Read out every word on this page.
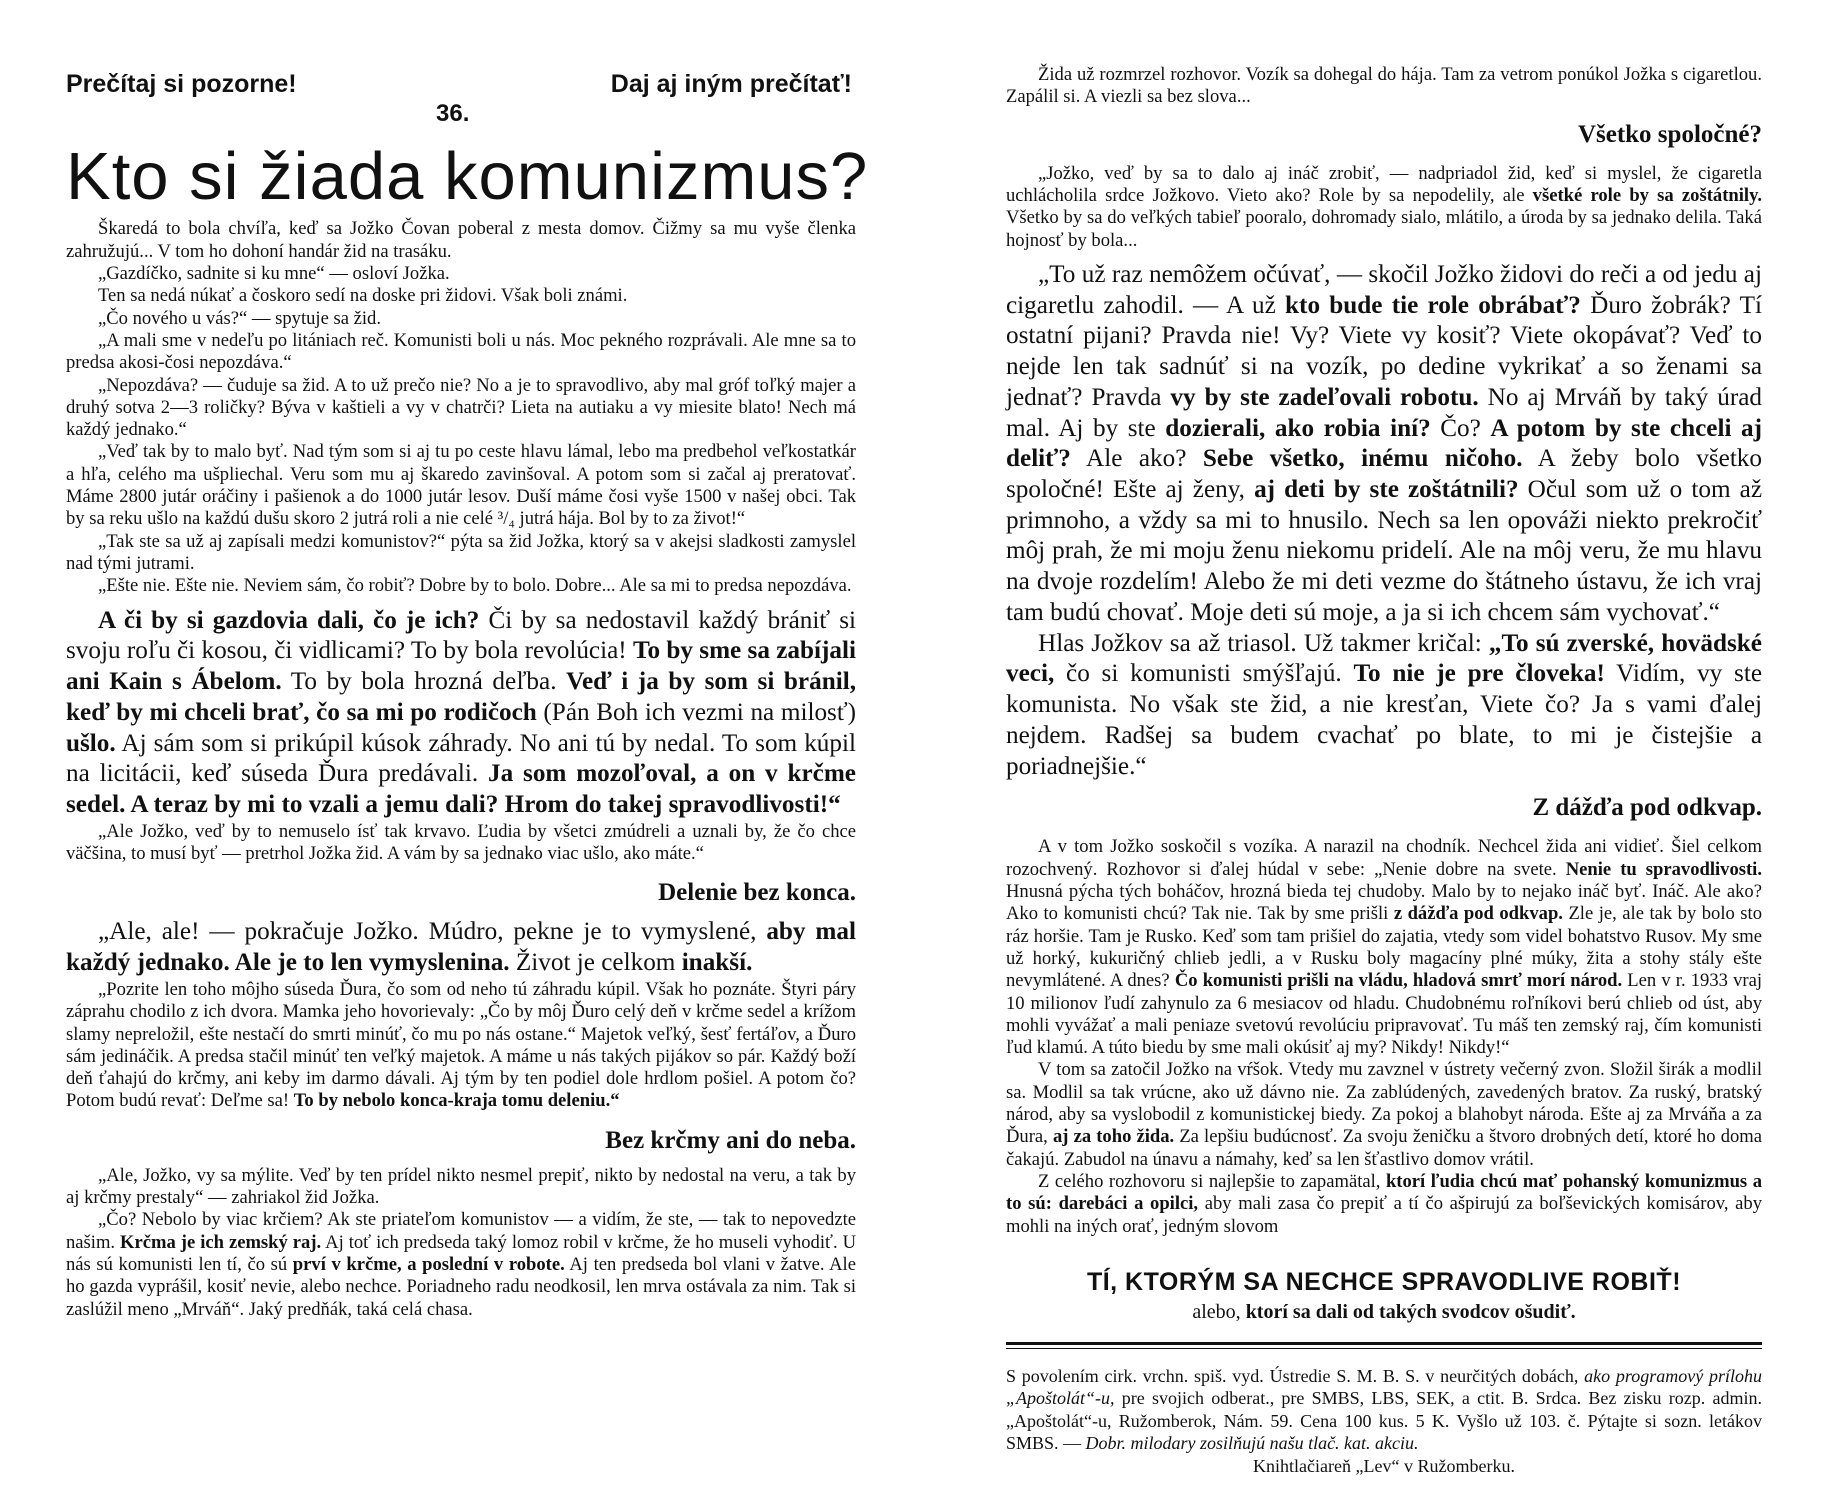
Prečítaj si pozorne!
36.
Daj aj iným prečítať!
Kto si žiada komunizmus?

Škaredá to bola chvíľa, keď sa Jožko Čovan poberal z mesta domov. Čižmy sa mu vyše členka zahružujú... V tom ho dohoní handár žid na trasáku.

„Gazdíčko, sadnite si ku mne“ — osloví Jožka.

Ten sa nedá núkať a čoskoro sedí na doske pri židovi. Však boli známi.

„Čo nového u vás?“ — spytuje sa žid.

„A mali sme v nedeľu po litániach reč. Komunisti boli u nás. Moc pekného rozprávali. Ale mne sa to predsa akosi-čosi nepozdáva.“

„Nepozdáva? — čuduje sa žid. A to už prečo nie? No a je to spravodlivo, aby mal gróf toľký majer a druhý sotva 2—3 roličky? Býva v kaštieli a vy v chatrči? Lieta na autiaku a vy miesite blato! Nech má každý jednako.“

„Veď tak by to malo byť. Nad tým som si aj tu po ceste hlavu lámal, lebo ma predbehol veľkostatkár a hľa, celého ma ušpliechal. Veru som mu aj škaredo zavinšoval. A potom som si začal aj preratovať. Máme 2800 jutár oráčiny i pašienok a do 1000 jutár lesov. Duší máme čosi vyše 1500 v našej obci. Tak by sa reku ušlo na každú dušu skoro 2 jutrá roli a nie celé ³/₄ jutrá hája. Bol by to za život!“

„Tak ste sa už aj zapísali medzi komunistov?“ pýta sa žid Jožka, ktorý sa v akejsi sladkosti zamyslel nad tými jutrami.

„Ešte nie. Ešte nie. Neviem sám, čo robiť? Dobre by to bolo. Dobre... Ale sa mi to predsa nepozdáva.

A či by si gazdovia dali, čo je ich? Či by sa nedostavil každý brániť si svoju roľu či kosou, či vidlicami? To by bola revolúcia! To by sme sa zabíjali ani Kain s Ábelom. To by bola hrozná deľba. Veď i ja by som si bránil, keď by mi chceli brať, čo sa mi po rodičoch (Pán Boh ich vezmi na milosť) ušlo. Aj sám som si prikúpil kúsok záhrady. No ani tú by nedal. To som kúpil na licitácii, keď súseda Ďura predávali. Ja som mozoľoval, a on v krčme sedel. A teraz by mi to vzali a jemu dali? Hrom do takej spravodlivosti!“

„Ale Jožko, veď by to nemuselo ísť tak krvavo. Ľudia by všetci zmúdreli a uznali by, že čo chce väčšina, to musí byť — pretrhol Jožka žid. A vám by sa jednako viac ušlo, ako máte.“

Delenie bez konca.

„Ale, ale! — pokračuje Jožko. Múdro, pekne je to vymyslené, aby mal každý jednako. Ale je to len vymyslenina. Život je celkom inakší.

„Pozrite len toho môjho súseda Ďura, čo som od neho tú záhradu kúpil. Však ho poznáte. Štyri páry záprahu chodilo z ich dvora. Mamka jeho hovorievaly: „Čo by môj Ďuro celý deň v krčme sedel a krížom slamy nepreložil, ešte nestačí do smrti minúť, čo mu po nás ostane.“ Majetok veľký, šesť fertáľov, a Ďuro sám jedináčik. A predsa stačil minúť ten veľký majetok. A máme u nás takých pijákov so pár. Každý boží deň ťahajú do krčmy, ani keby im darmo dávali. Aj tým by ten podiel dole hrdlom pošiel. A potom čo? Potom budú revať: Deľme sa! To by nebolo konca-kraja tomu deleniu.“

Bez krčmy ani do neba.

„Ale, Jožko, vy sa mýlite. Veď by ten prídel nikto nesmel prepiť, nikto by nedostal na veru, a tak by aj krčmy prestaly“ — zahriakol žid Jožka.

„Čo? Nebolo by viac krčiem? Ak ste priateľom komunistov — a vidím, že ste, — tak to nepovedzte našim. Krčma je ich zemský raj. Aj toť ich predseda taký lomoz robil v krčme, že ho museli vyhodiť. U nás sú komunisti len tí, čo sú prví v krčme, a poslední v robote. Aj ten predseda bol vlani v žatve. Ale ho gazda vyprášil, kosiť nevie, alebo nechce. Poriadneho radu neodkosil, len mrva ostávala za nim. Tak si zaslúžil meno „Mrváň“. Jaký predňák, taká celá chasa.

Žida už rozmrzel rozhovor. Vozík sa dohegal do hája. Tam za vetrom ponúkol Jožka s cigaretlou. Zapálil si. A viezli sa bez slova...

Všetko spoločné?

„Jožko, veď by sa to dalo aj ináč zrobiť, — nadpriadol žid, keď si myslel, že cigaretla uchlácholila srdce Jožkovo. Vieto ako? Role by sa nepodelily, ale všetké role by sa zoštátnily. Všetko by sa do veľkých tabieľ pooralo, dohromady sialo, mlátilo, a úroda by sa jednako delila. Taká hojnosť by bola...

„To už raz nemôžem očúvať, — skočil Jožko židovi do reči a od jedu aj cigaretlu zahodil. — A už kto bude tie role obrábať? Ďuro žobrák? Tí ostatní pijani? Pravda nie! Vy? Viete vy kosiť? Viete okopávať? Veď to nejde len tak sadnúť si na vozík, po dedine vykrikať a so ženami sa jednať? Pravda vy by ste zadeľovali robotu. No aj Mrváň by taký úrad mal. Aj by ste dozierali, ako robia iní? Čo? A potom by ste chceli aj deliť? Ale ako? Sebe všetko, inému ničoho. A žeby bolo všetko spoločné! Ešte aj ženy, aj deti by ste zoštátnili? Očul som už o tom až primnoho, a vždy sa mi to hnusilo. Nech sa len opováži niekto prekročiť môj prah, že mi moju ženu niekomu pridelí. Ale na môj veru, že mu hlavu na dvoje rozdelím! Alebo že mi deti vezme do štátneho ústavu, že ich vraj tam budú chovať. Moje deti sú moje, a ja si ich chcem sám vychovať.“

Hlas Jožkov sa až triasol. Už takmer kričal: „To sú zverské, hovädské veci, čo si komunisti smýšľajú. To nie je pre človeka! Vidím, vy ste komunista. No však ste žid, a nie kresťan, Viete čo? Ja s vami ďalej nejdem. Radšej sa budem cvachať po blate, to mi je čistejšie a poriadnejšie.“

Z dážďa pod odkvap.

A v tom Jožko soskočil s vozíka. A narazil na chodník. Nechcel žida ani vidieť. Šiel celkom rozochvený. Rozhovor si ďalej húdal v sebe: „Nenie dobre na svete. Nenie tu spravodlivosti. Hnusná pýcha tých boháčov, hrozná bieda tej chudoby. Malo by to nejako ináč byť. Ináč. Ale ako? Ako to komunisti chcú? Tak nie. Tak by sme prišli z dážďa pod odkvap. Zle je, ale tak by bolo sto ráz horšie. Tam je Rusko. Keď som tam prišiel do zajatia, vtedy som videl bohatstvo Rusov. My sme už horký, kukuričný chlieb jedli, a v Rusku boly magacíny plné múky, žita a stohy stály ešte nevymlátené. A dnes? Čo komunisti prišli na vládu, hladová smrť morí národ. Len v r. 1933 vraj 10 milionov ľudí zahynulo za 6 mesiacov od hladu. Chudobnému roľníkovi berú chlieb od úst, aby mohli vyvážať a mali peniaze svetovú revolúciu pripravovať. Tu máš ten zemský raj, čím komunisti ľud klamú. A túto biedu by sme mali okúsiť aj my? Nikdy! Nikdy!“

V tom sa zatočil Jožko na vŕšok. Vtedy mu zavznel v ústrety večerný zvon. Složil širák a modlil sa. Modlil sa tak vrúcne, ako už dávno nie. Za zablúdených, zavedených bratov. Za ruský, bratský národ, aby sa vyslobodil z komunistickej biedy. Za pokoj a blahobyt národa. Ešte aj za Mrváňa a za Ďura, aj za toho žida. Za lepšiu budúcnosť. Za svoju ženičku a štvoro drobných detí, ktoré ho doma čakajú. Zabudol na únavu a námahy, keď sa len šťastlivo domov vrátil.

Z celého rozhovoru si najlepšie to zapamätal, ktorí ľudia chcú mať pohanský komunizmus a to sú: darebáci a opilci, aby mali zasa čo prepiť a tí čo ašpirujú za boľševických komisárov, aby mohli na iných orať, jedným slovom

TÍ, KTORÝM SA NECHCE SPRAVODLIVE ROBIŤ!
alebo, ktorí sa dali od takých svodcov ošudiť.
S povolením cirk. vrchn. spiš. vyd. Ústredie S. M. B. S. v neurčitých dobách, ako programový prílohu „Apoštolát“-u, pre svojich odberat., pre SMBS, LBS, SEK, a ctit. B. Srdca. Bez zisku rozp. admin. „Apoštolát“-u, Ružomberok, Nám. 59. Cena 100 kus. 5 K. Vyšlo už 103. č. Pýtajte si sozn. letákov SMBS. — Dobr. milodary zosilňujú našu tlač. kat. akciu.
Knihtlačiareň „Lev“ v Ružomberku.
